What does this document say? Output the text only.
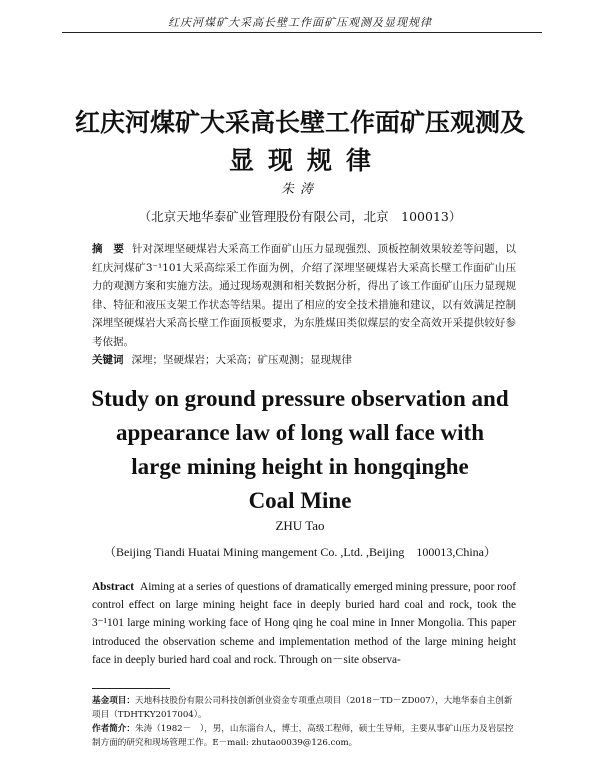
红庆河煤矿大采高长壁工作面矿压观测及显现规律
红庆河煤矿大采高长壁工作面矿压观测及
显现规律
朱涛
（北京天地华泰矿业管理股份有限公司，北京　100013）
摘　要 针对深埋坚硬煤岩大采高工作面矿山压力显现强烈、顶板控制效果较差等问题，以红庆河煤矿3⁻¹101大采高综采工作面为例，介绍了深埋坚硬煤岩大采高长壁工作面矿山压力的观测方案和实施方法。通过现场观测和相关数据分析，得出了该工作面矿山压力显现规律、特征和液压支架工作状态等结果。提出了相应的安全技术措施和建议，以有效满足控制深埋坚硬煤岩大采高长壁工作面顶板要求，为东胜煤田类似煤层的安全高效开采提供较好参考依据。
关键词 深埋；坚硬煤岩；大采高；矿压观测；显现规律
Study on ground pressure observation and
appearance law of long wall face with
large mining height in hongqinghe
Coal Mine
ZHU Tao
（Beijing Tiandi Huatai Mining mangement Co. ,Ltd. ,Beijing　100013,China）
Abstract Aiming at a series of questions of dramatically emerged mining pressure, poor roof control effect on large mining height face in deeply buried hard coal and rock, took the 3⁻¹101 large mining working face of Hong qing he coal mine in Inner Mongolia. This paper introduced the observation scheme and implementation method of the large mining height face in deeply buried hard coal and rock. Through on－site observa-
基金项目：天地科技股份有限公司科技创新创业资金专项重点项目（2018－TD－ZD007），大地华泰自主创新项目（TDHTKY2017004）。
作者简介：朱涛（1982－　），男，山东淄台人，博士，高级工程师，硕士生导师，主要从事矿山压力及岩层控制方面的研究和现场管理工作。E－mail: zhutao0039@126.com。
